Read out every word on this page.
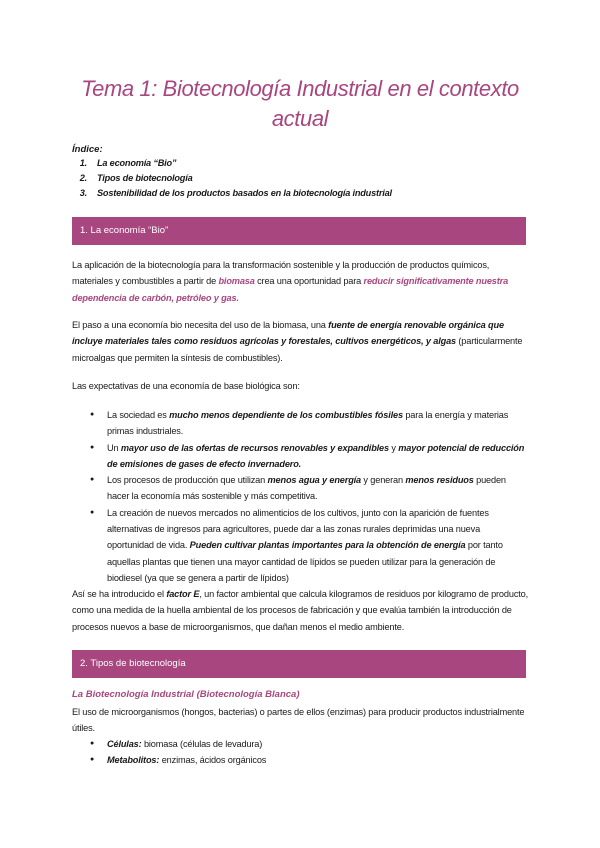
Tema 1: Biotecnología Industrial en el contexto actual
Índice:
1. La economía “Bio”
2. Tipos de biotecnología
3. Sostenibilidad de los productos basados en la biotecnología industrial
1. La economía “Bio”

La aplicación de la biotecnología para la transformación sostenible y la producción de productos químicos, materiales y combustibles a partir de biomasa crea una oportunidad para reducir significativamente nuestra dependencia de carbón, petróleo y gas.

El paso a una economía bio necesita del uso de la biomasa, una fuente de energía renovable orgánica que incluye materiales tales como residuos agrícolas y forestales, cultivos energéticos, y algas (particularmente microalgas que permiten la síntesis de combustibles).

Las expectativas de una economía de base biológica son:

● La sociedad es mucho menos dependiente de los combustibles fósiles para la energía y materias primas industriales.
● Un mayor uso de las ofertas de recursos renovables y expandibles y mayor potencial de reducción de emisiones de gases de efecto invernadero.
● Los procesos de producción que utilizan menos agua y energía y generan menos residuos pueden hacer la economía más sostenible y más competitiva.
● La creación de nuevos mercados no alimenticios de los cultivos, junto con la aparición de fuentes alternativas de ingresos para agricultores, puede dar a las zonas rurales deprimidas una nueva oportunidad de vida. Pueden cultivar plantas importantes para la obtención de energía por tanto aquellas plantas que tienen una mayor cantidad de lípidos se pueden utilizar para la generación de biodiesel (ya que se genera a partir de lípidos)

Así se ha introducido el factor E, un factor ambiental que calcula kilogramos de residuos por kilogramo de producto, como una medida de la huella ambiental de los procesos de fabricación y que evalúa también la introducción de procesos nuevos a base de microorganismos, que dañan menos el medio ambiente.

2. Tipos de biotecnología
La Biotecnología Industrial (Biotecnología Blanca)

El uso de microorganismos (hongos, bacterias) o partes de ellos (enzimas) para producir productos industrialmente útiles.

● Células: biomasa (células de levadura)
● Metabolitos: enzimas, ácidos orgánicos
